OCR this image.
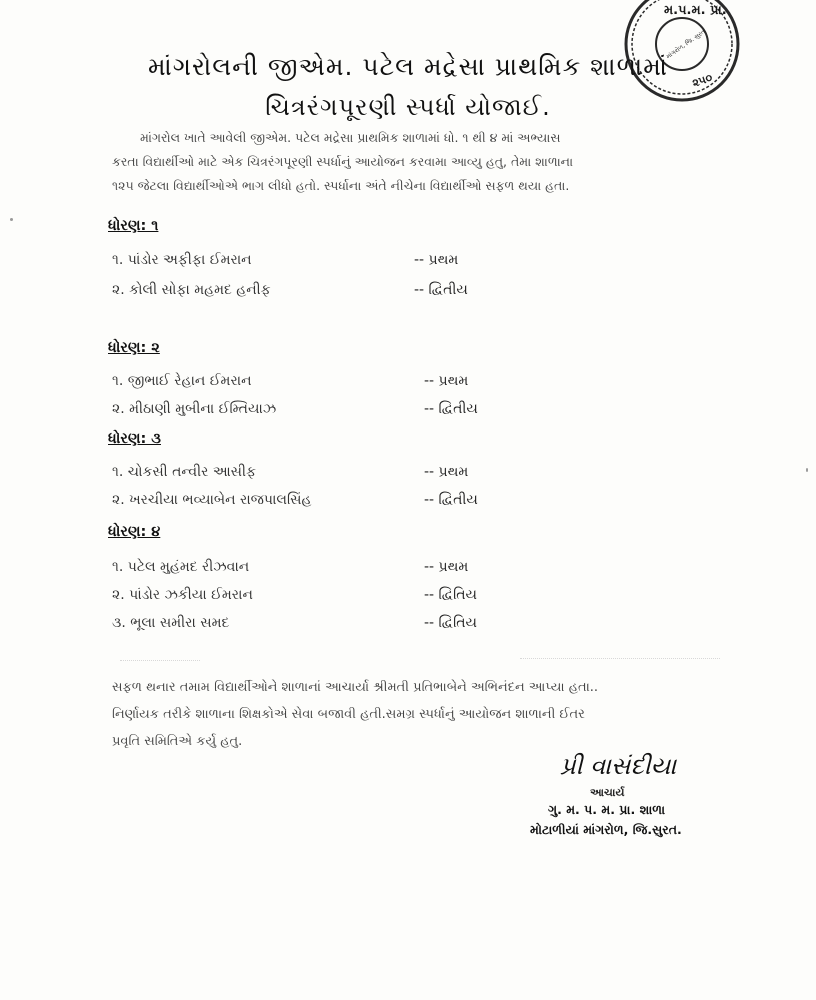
મ.પ.મ. પ્રા.
૨૫૦
માંગરોળ, જિ. સુરત
માંગરોલની જીએમ. પટેલ મદ્રેસા પ્રાથમિક શાળામાં
ચિત્રરંગપૂરણી સ્પર્ધા યોજાઈ.
માંગરોલ ખાતે આવેલી જીએમ. પટેલ મદ્રેસા પ્રાથમિક શાળામાં ધો. ૧ થી ૪ માં અભ્યાસ
કરતા વિદ્યાર્થીઓ માટે એક ચિત્રરંગપૂરણી સ્પર્ધાનું આયોજન કરવામા આવ્યુ હતુ, તેમા શાળાના
૧૨૫ જેટલા વિદ્યાર્થીઓએ ભાગ લીધો હતો. સ્પર્ધાના અંતે નીચેના વિદ્યાર્થીઓ સફળ થયા હતા.
ધોરણ: ૧
૧. પાંડોર અફીફા ઈમરાન	-- પ્રથમ
૨. કોલી સોફા મહમદ હનીફ	-- દ્વિતીય
ધોરણ: ૨
૧. જીભાઈ રેહાન ઈમરાન	-- પ્રથમ
૨. મીઠાણી મુબીના ઈમ્તિયાઝ	-- દ્વિતીય
ધોરણ: ૩
૧. ચોકસી તન્વીર આસીફ	-- પ્રથમ
૨. ખરચીયા ભવ્યાબેન રાજપાલસિંહ	-- દ્વિતીય
ધોરણ: ૪
૧. પટેલ મુહંમદ રીઝવાન	-- પ્રથમ
૨. પાંડોર ઝકીયા ઈમરાન	-- દ્વિતિય
૩. ભૂલા સમીરા સમદ	-- દ્વિતિય
સફળ થનાર તમામ વિદ્યાર્થીઓને શાળાનાં આચાર્યા શ્રીમતી પ્રતિભાબેને અભિનંદન આપ્યા હતા..
નિર્ણાયક તરીકે શાળાના શિક્ષકોએ સેવા બજાવી હતી.સમગ્ર સ્પર્ધાનું આયોજન શાળાની ઈતર
પ્રવૃતિ સમિતિએ કર્યુ હતુ.
પ્રી વાસંદીયા
આચાર્ય
ગુ. મ. પ. મ. પ્રા. શાળા
મોટાળીયાં માંગરોળ, જિ.સુરત.
